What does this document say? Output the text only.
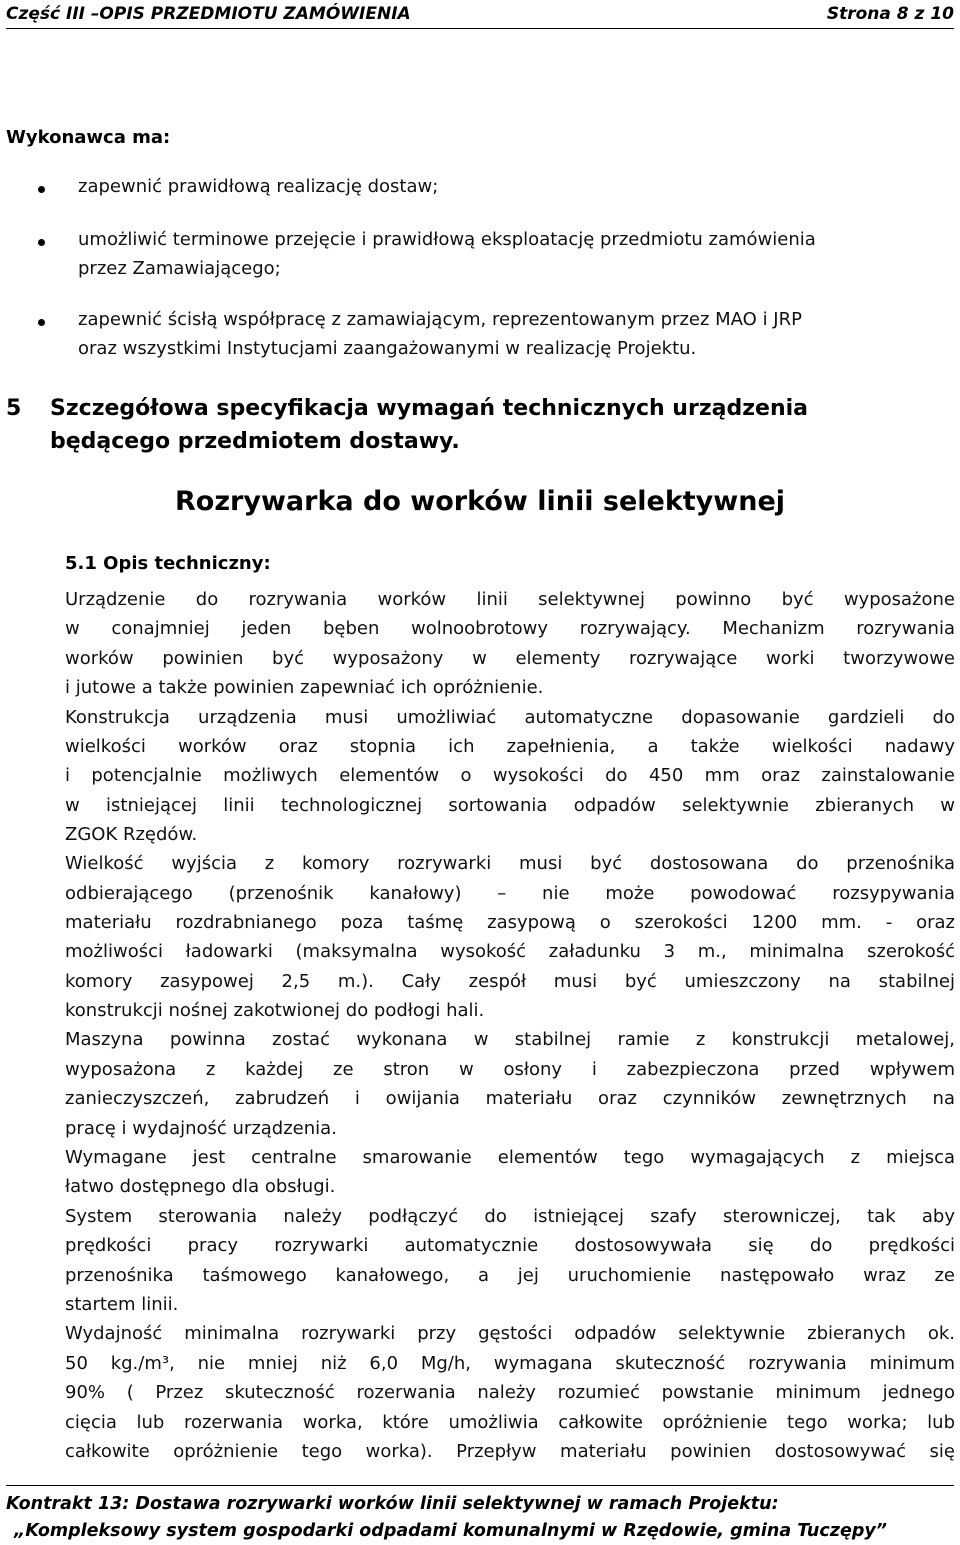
Część III –OPIS PRZEDMIOTU ZAMÓWIENIA	Strona 8 z 10
Wykonawca ma:
zapewnić prawidłową realizację dostaw;
umożliwić terminowe przejęcie i prawidłową eksploatację przedmiotu zamówienia
przez Zamawiającego;
zapewnić ścisłą współpracę z zamawiającym, reprezentowanym przez MAO i JRP
oraz wszystkimi Instytucjami zaangażowanymi w realizację Projektu.
5 Szczegółowa specyfikacja wymagań technicznych urządzenia
będącego przedmiotem dostawy.
Rozrywarka do worków linii selektywnej
5.1 Opis techniczny:
Urządzenie do rozrywania worków linii selektywnej powinno być wyposażone
w conajmniej jeden bęben wolnoobrotowy rozrywający. Mechanizm rozrywania
worków powinien być wyposażony w elementy rozrywające worki tworzywowe
i jutowe a także powinien zapewniać ich opróżnienie.
Konstrukcja urządzenia musi umożliwiać automatyczne dopasowanie gardzieli do
wielkości worków oraz stopnia ich zapełnienia, a także wielkości nadawy
i potencjalnie możliwych elementów o wysokości do 450 mm oraz zainstalowanie
w istniejącej linii technologicznej sortowania odpadów selektywnie zbieranych w
ZGOK Rzędów.
Wielkość wyjścia z komory rozrywarki musi być dostosowana do przenośnika
odbierającego (przenośnik kanałowy) – nie może powodować rozsypywania
materiału rozdrabnianego poza taśmę zasypową o szerokości 1200 mm. - oraz
możliwości ładowarki (maksymalna wysokość załadunku 3 m., minimalna szerokość
komory zasypowej 2,5 m.). Cały zespół musi być umieszczony na stabilnej
konstrukcji nośnej zakotwionej do podłogi hali.
Maszyna powinna zostać wykonana w stabilnej ramie z konstrukcji metalowej,
wyposażona z każdej ze stron w osłony i zabezpieczona przed wpływem
zanieczyszczeń, zabrudzeń i owijania materiału oraz czynników zewnętrznych na
pracę i wydajność urządzenia.
Wymagane jest centralne smarowanie elementów tego wymagających z miejsca
łatwo dostępnego dla obsługi.
System sterowania należy podłączyć do istniejącej szafy sterowniczej, tak aby
prędkości pracy rozrywarki automatycznie dostosowywała się do prędkości
przenośnika taśmowego kanałowego, a jej uruchomienie następowało wraz ze
startem linii.
Wydajność minimalna rozrywarki przy gęstości odpadów selektywnie zbieranych ok.
50 kg./m³, nie mniej niż 6,0 Mg/h, wymagana skuteczność rozrywania minimum
90% ( Przez skuteczność rozerwania należy rozumieć powstanie minimum jednego
cięcia lub rozerwania worka, które umożliwia całkowite opróżnienie tego worka; lub
całkowite opróżnienie tego worka). Przepływ materiału powinien dostosowywać się
Kontrakt 13: Dostawa rozrywarki worków linii selektywnej w ramach Projektu:
„Kompleksowy system gospodarki odpadami komunalnymi w Rzędowie, gmina Tuczępy”
